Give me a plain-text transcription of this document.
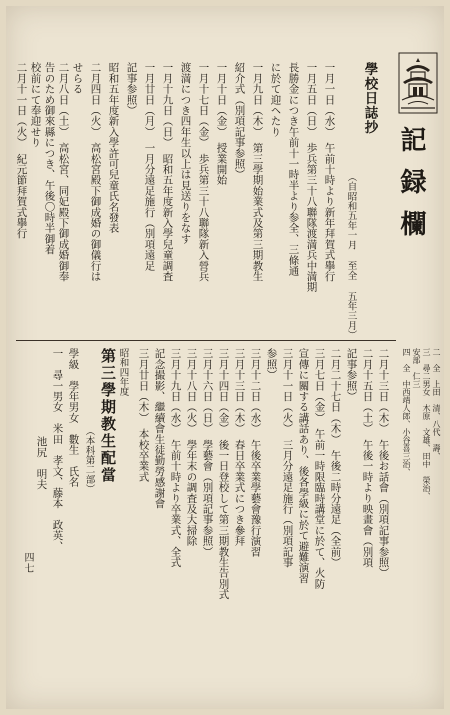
記録欄
學校日誌抄
（自昭和五年一月 至全 五年三月）
一月一日（水）　午前十時より新年拜賀式擧行
一月五日（日）　歩兵第三十八聯隊渡満兵中満期
長勝金につき午前十一時半より参全、三條通
に於て迎ヘたり
一月九日（木）　第三學期始業式及第三期教生
紹介式（別項記事参照）
一月十日（金）　授業開始
一月十七日（金）　歩兵第三十八聯隊新入營兵
渡満につき四年生以上は見送りをなす
一月十九日（日）　昭和五年度新入學兒童調査
一月廿日（月）　一月分遠足施行（別項遠足
記事参照）
昭和五年度新入學許可兒童氏名發表
二月四日（火）　高松宮殿下御成婚の御儀行は
せらる
二月八日（土）　高松宮、同妃殿下御成婚御奉
告のため御來縣につき、午後〇時半御着
校前にて奉迎せり
二月十一日（火）　紀元節拜賀式擧行
二月十三日（木）　午後お話會（別項記事参照）
二月十五日（土）　午後一時より映畫會（別項
記事参照）
二月二十七日（木）　午後二時分遠足（全前）
三月七日（金）　午前一時限臨時講堂に於て、火防
宣傳に關する講話あり、後各學級に於て避難演習
三月十一日（火）　三月分遠足施行（別項記事
参照）
三月十二日（水）　午後卒業學藝會豫行演習
三月十三日（木）　春日卒業式につき參拜
三月十四日（金）　後一日登校して第三期教生告別式
三月十六日（日）　學藝會（別項記事参照）
三月十八日（火）　學年末の調査及大掃除
三月十九日（水）　午前十時より卒業式、全式
記念撮影、繼續會生徒勤勞感謝會
三月廿日（木）　本校卒業式
昭和四年度
第三學期教生配當
（本科第二部）
學級　學年男女　數生　氏名
一　尋一男女　米田　孝文、藤本　政英、
池尻　明夫
四七
二　全　上田　清、八代　壽、
三　尋二男女　木原　文雄、田中　榮治、
安部　仁三
四　全　中西靖人郎、小谷喜三治、
